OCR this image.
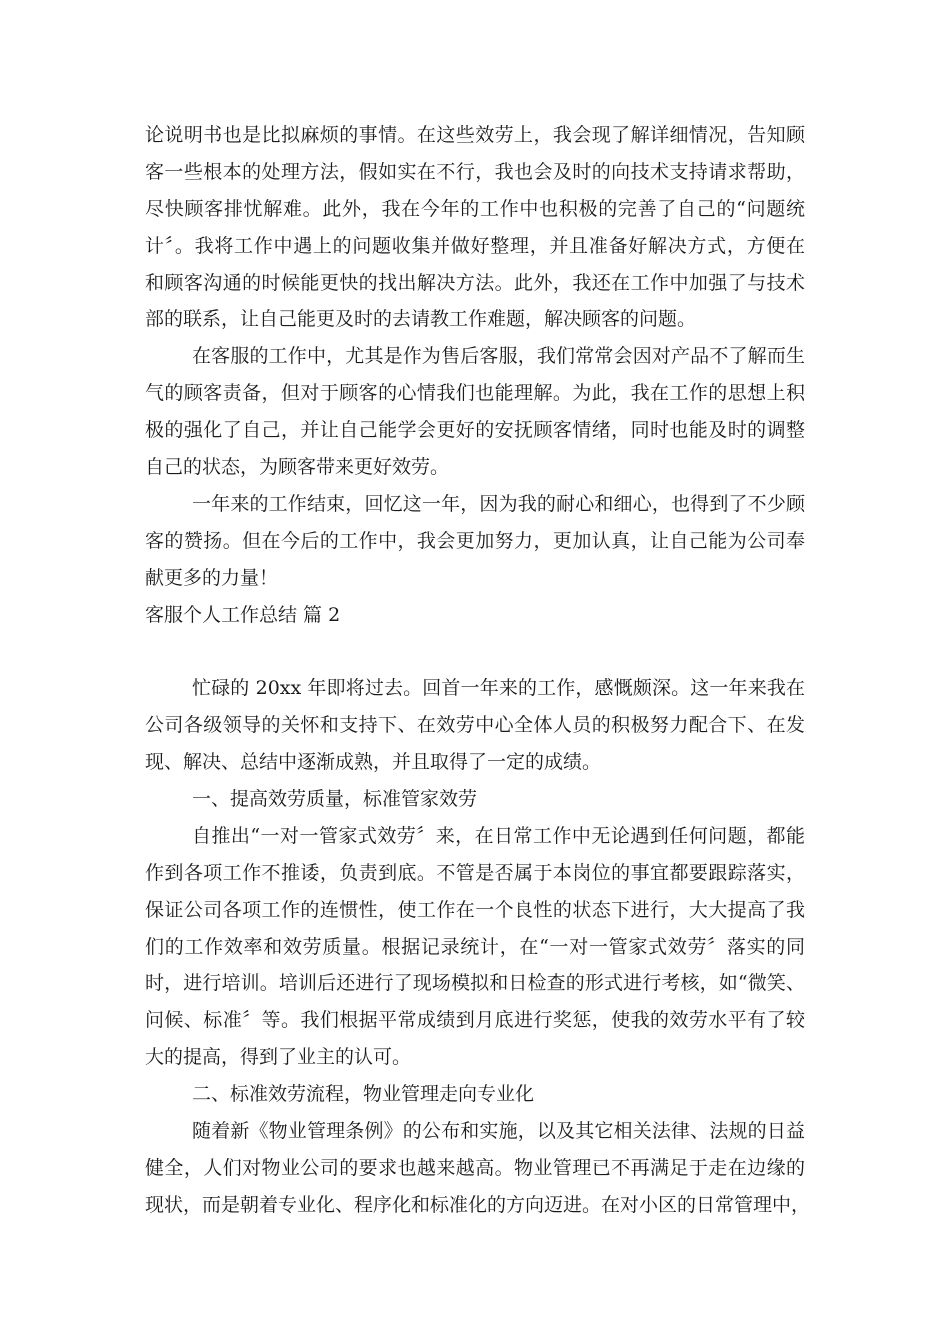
论说明书也是比拟麻烦的事情。在这些效劳上，我会现了解详细情况，告知顾
客一些根本的处理方法，假如实在不行，我也会及时的向技术支持请求帮助，
尽快顾客排忧解难。此外，我在今年的工作中也积极的完善了自己的“问题统
计〞。我将工作中遇上的问题收集并做好整理，并且准备好解决方式，方便在
和顾客沟通的时候能更快的找出解决方法。此外，我还在工作中加强了与技术
部的联系，让自己能更及时的去请教工作难题，解决顾客的问题。
在客服的工作中，尤其是作为售后客服，我们常常会因对产品不了解而生
气的顾客责备，但对于顾客的心情我们也能理解。为此，我在工作的思想上积
极的强化了自己，并让自己能学会更好的安抚顾客情绪，同时也能及时的调整
自己的状态，为顾客带来更好效劳。
一年来的工作结束，回忆这一年，因为我的耐心和细心，也得到了不少顾
客的赞扬。但在今后的工作中，我会更加努力，更加认真，让自己能为公司奉
献更多的力量！
客服个人工作总结 篇 2
忙碌的 20xx 年即将过去。回首一年来的工作，感慨颇深。这一年来我在
公司各级领导的关怀和支持下、在效劳中心全体人员的积极努力配合下、在发
现、解决、总结中逐渐成熟，并且取得了一定的成绩。
一、提高效劳质量，标准管家效劳
自推出“一对一管家式效劳〞来，在日常工作中无论遇到任何问题，都能
作到各项工作不推诿，负责到底。不管是否属于本岗位的事宜都要跟踪落实，
保证公司各项工作的连惯性，使工作在一个良性的状态下进行，大大提高了我
们的工作效率和效劳质量。根据记录统计，在“一对一管家式效劳〞落实的同
时，进行培训。培训后还进行了现场模拟和日检查的形式进行考核，如“微笑、
问候、标准〞等。我们根据平常成绩到月底进行奖惩，使我的效劳水平有了较
大的提高，得到了业主的认可。
二、标准效劳流程，物业管理走向专业化
随着新《物业管理条例》的公布和实施，以及其它相关法律、法规的日益
健全，人们对物业公司的要求也越来越高。物业管理已不再满足于走在边缘的
现状，而是朝着专业化、程序化和标准化的方向迈进。在对小区的日常管理中，
